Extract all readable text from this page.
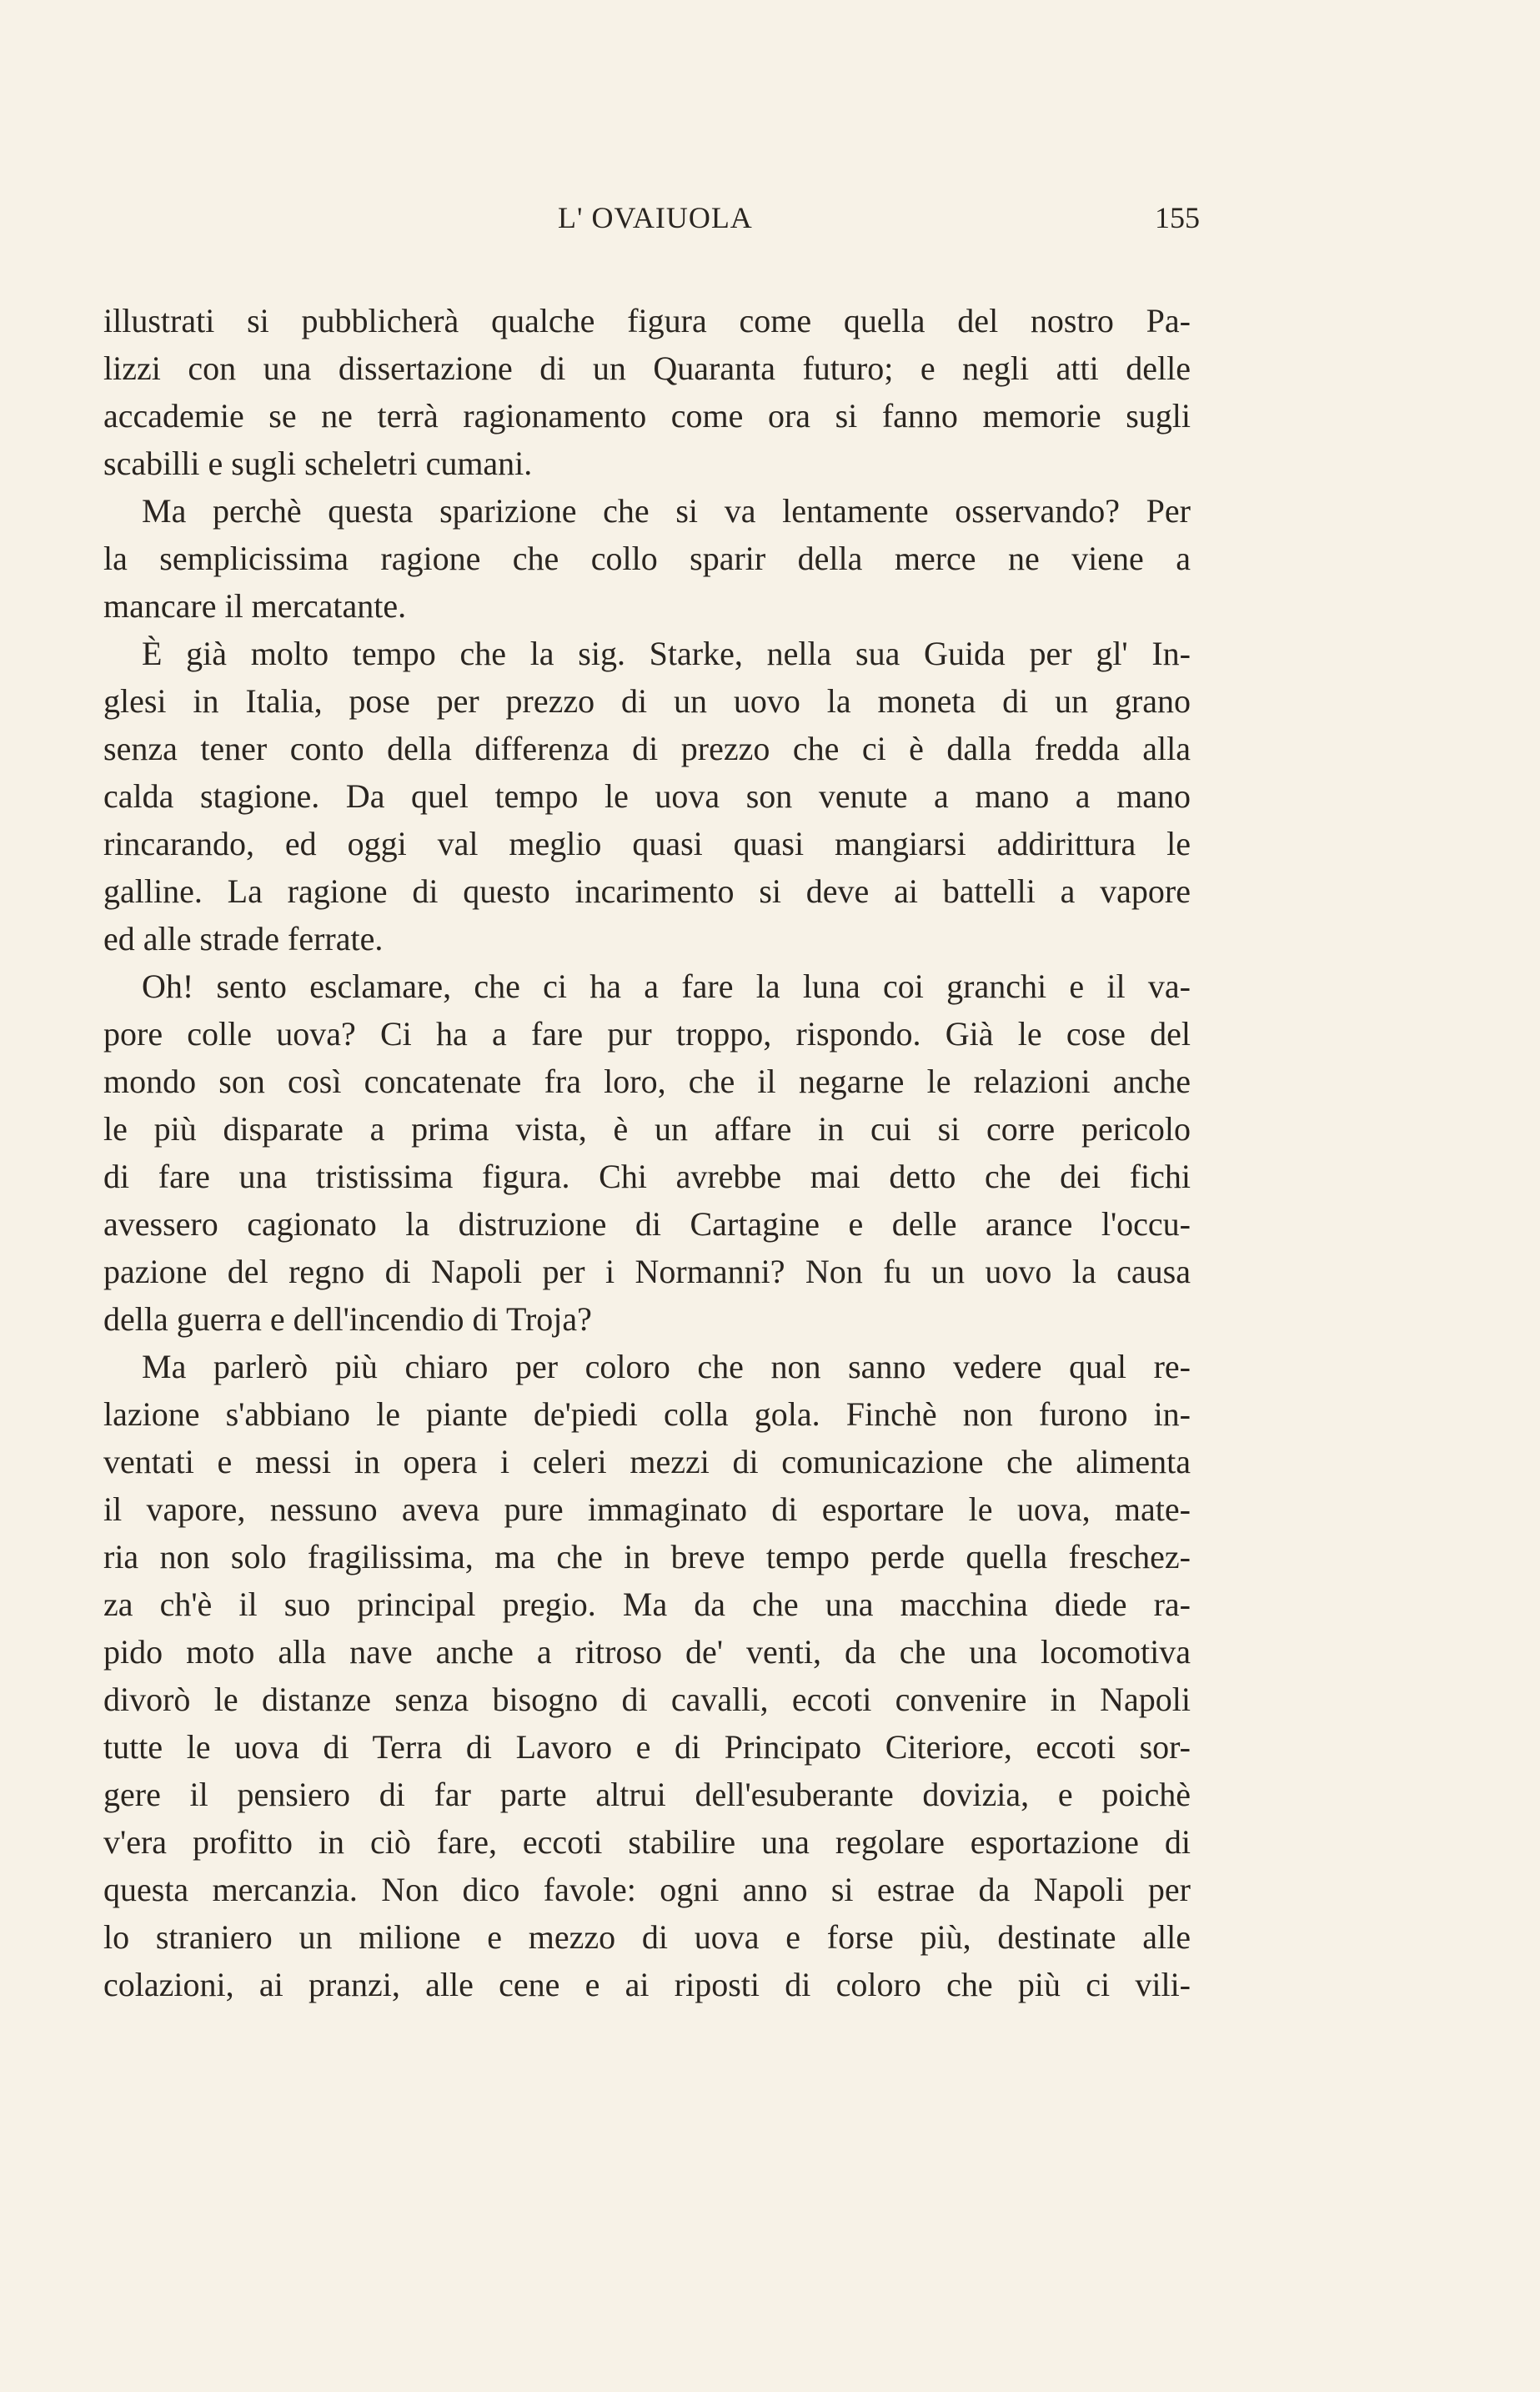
L' OVAIUOLA	155
illustrati si pubblicherà qualche figura come quella del nostro Pa-
lizzi con una dissertazione di un Quaranta futuro; e negli atti delle
accademie se ne terrà ragionamento come ora si fanno memorie sugli
scabilli e sugli scheletri cumani.
Ma perchè questa sparizione che si va lentamente osservando? Per
la semplicissima ragione che collo sparir della merce ne viene a
mancare il mercatante.
È già molto tempo che la sig. Starke, nella sua Guida per gl' In-
glesi in Italia, pose per prezzo di un uovo la moneta di un grano
senza tener conto della differenza di prezzo che ci è dalla fredda alla
calda stagione. Da quel tempo le uova son venute a mano a mano
rincarando, ed oggi val meglio quasi quasi mangiarsi addirittura le
galline. La ragione di questo incarimento si deve ai battelli a vapore
ed alle strade ferrate.
Oh! sento esclamare, che ci ha a fare la luna coi granchi e il va-
pore colle uova? Ci ha a fare pur troppo, rispondo. Già le cose del
mondo son così concatenate fra loro, che il negarne le relazioni anche
le più disparate a prima vista, è un affare in cui si corre pericolo
di fare una tristissima figura. Chi avrebbe mai detto che dei fichi
avessero cagionato la distruzione di Cartagine e delle arance l'occu-
pazione del regno di Napoli per i Normanni? Non fu un uovo la causa
della guerra e dell'incendio di Troja?
Ma parlerò più chiaro per coloro che non sanno vedere qual re-
lazione s'abbiano le piante de'piedi colla gola. Finchè non furono in-
ventati e messi in opera i celeri mezzi di comunicazione che alimenta
il vapore, nessuno aveva pure immaginato di esportare le uova, mate-
ria non solo fragilissima, ma che in breve tempo perde quella freschez-
za ch'è il suo principal pregio. Ma da che una macchina diede ra-
pido moto alla nave anche a ritroso de' venti, da che una locomotiva
divorò le distanze senza bisogno di cavalli, eccoti convenire in Napoli
tutte le uova di Terra di Lavoro e di Principato Citeriore, eccoti sor-
gere il pensiero di far parte altrui dell'esuberante dovizia, e poichè
v'era profitto in ciò fare, eccoti stabilire una regolare esportazione di
questa mercanzia. Non dico favole: ogni anno si estrae da Napoli per
lo straniero un milione e mezzo di uova e forse più, destinate alle
colazioni, ai pranzi, alle cene e ai riposti di coloro che più ci vili-
